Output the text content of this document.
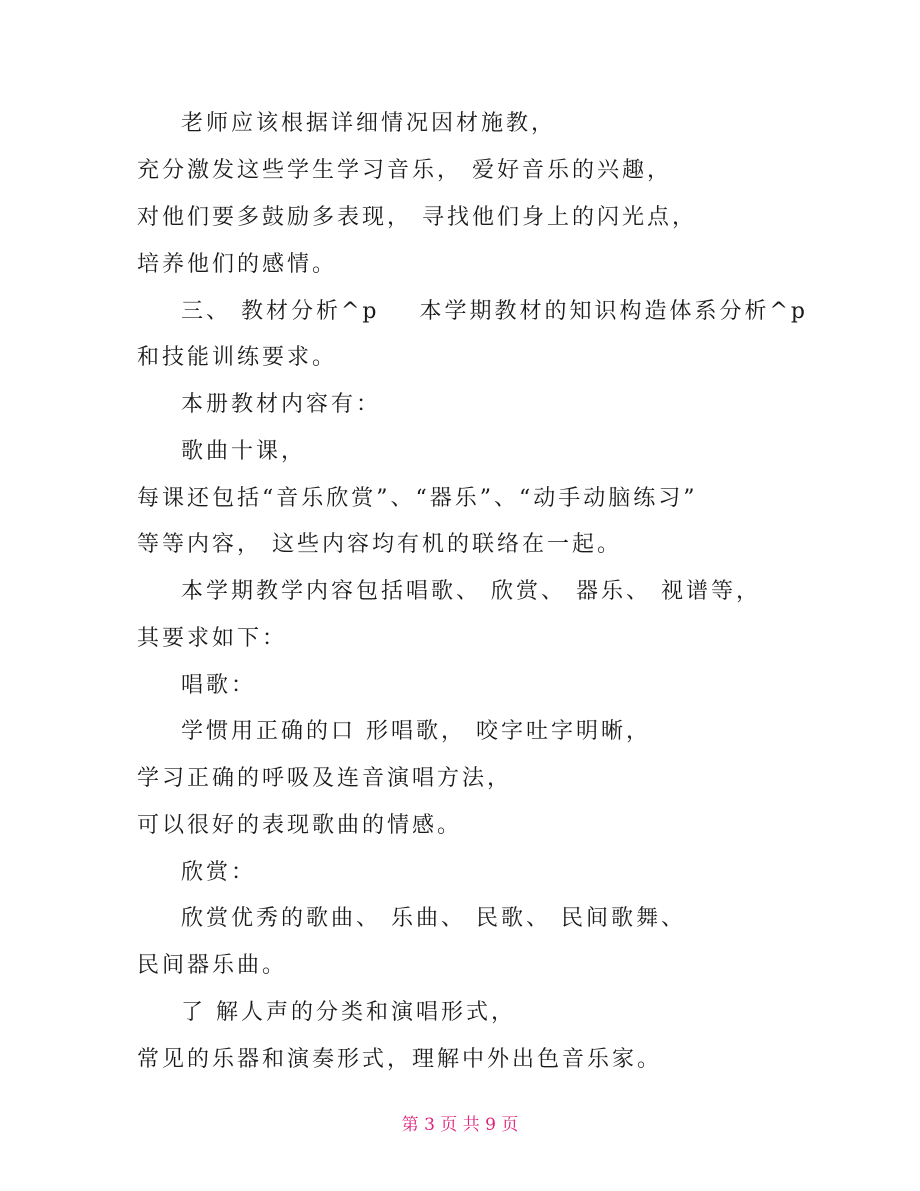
老师应该根据详细情况因材施教，
充分激发这些学生学习音乐， 爱好音乐的兴趣，
对他们要多鼓励多表现， 寻找他们身上的闪光点，
培养他们的感情。
三、 教材分析^p    本学期教材的知识构造体系分析^p
和技能训练要求。
本册教材内容有：
歌曲十课，
每课还包括“音乐欣赏”、“器乐”、“动手动脑练习”
等等内容， 这些内容均有机的联络在一起。
本学期教学内容包括唱歌、 欣赏、 器乐、 视谱等，
其要求如下：
唱歌：
学惯用正确的口 形唱歌， 咬字吐字明晰，
学习正确的呼吸及连音演唱方法，
可以很好的表现歌曲的情感。
欣赏：
欣赏优秀的歌曲、 乐曲、 民歌、 民间歌舞、
民间器乐曲。
了 解人声的分类和演唱形式，
常见的乐器和演奏形式，理解中外出色音乐家。
第 3 页 共 9 页
